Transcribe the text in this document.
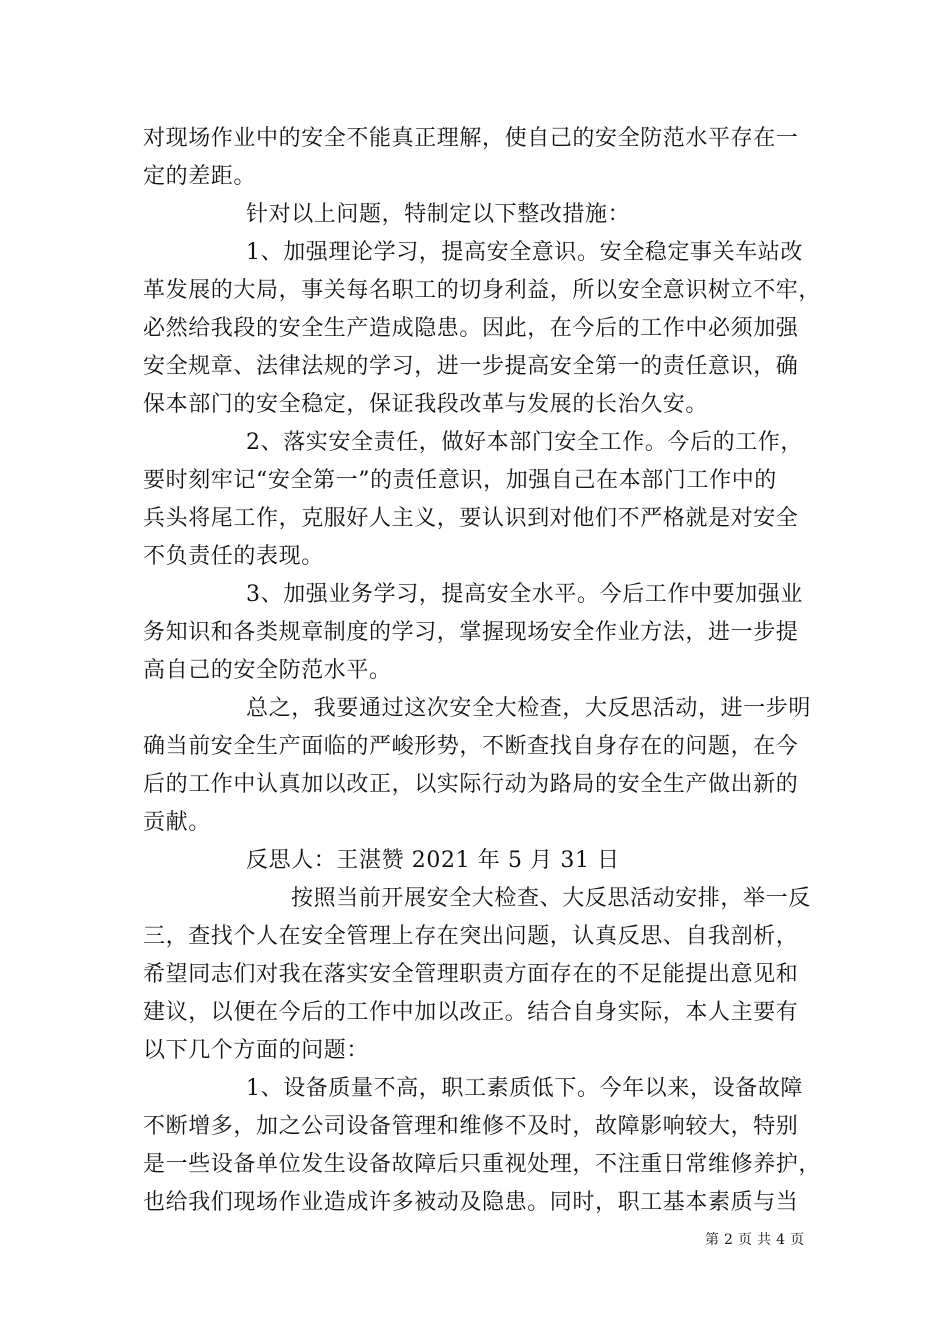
对现场作业中的安全不能真正理解，使自己的安全防范水平存在一

定的差距。

针对以上问题，特制定以下整改措施：

1、加强理论学习，提高安全意识。安全稳定事关车站改

革发展的大局，事关每名职工的切身利益，所以安全意识树立不牢，

必然给我段的安全生产造成隐患。因此，在今后的工作中必须加强

安全规章、法律法规的学习，进一步提高安全第一的责任意识，确

保本部门的安全稳定，保证我段改革与发展的长治久安。

2、落实安全责任，做好本部门安全工作。今后的工作，

要时刻牢记“安全第一”的责任意识，加强自己在本部门工作中的

兵头将尾工作，克服好人主义，要认识到对他们不严格就是对安全

不负责任的表现。

3、加强业务学习，提高安全水平。今后工作中要加强业

务知识和各类规章制度的学习，掌握现场安全作业方法，进一步提

高自己的安全防范水平。

总之，我要通过这次安全大检查，大反思活动，进一步明

确当前安全生产面临的严峻形势，不断查找自身存在的问题，在今

后的工作中认真加以改正，以实际行动为路局的安全生产做出新的

贡献。

反思人：王湛赞 2021 年 5 月 31 日

按照当前开展安全大检查、大反思活动安排，举一反

三，查找个人在安全管理上存在突出问题，认真反思、自我剖析，

希望同志们对我在落实安全管理职责方面存在的不足能提出意见和

建议，以便在今后的工作中加以改正。结合自身实际，本人主要有

以下几个方面的问题：

1、设备质量不高，职工素质低下。今年以来，设备故障

不断增多，加之公司设备管理和维修不及时，故障影响较大，特别

是一些设备单位发生设备故障后只重视处理，不注重日常维修养护，

也给我们现场作业造成许多被动及隐患。同时，职工基本素质与当

第 2 页 共 4 页
